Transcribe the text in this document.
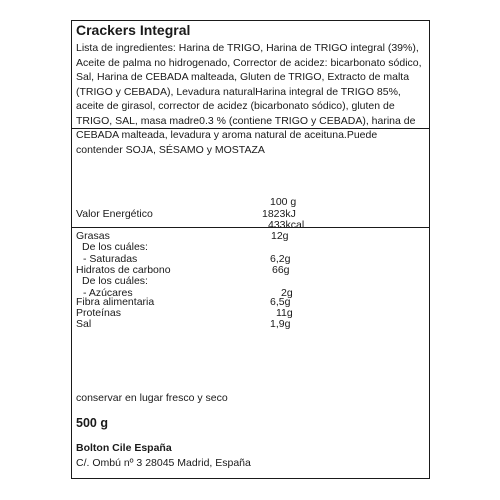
Crackers Integral
Lista de ingredientes: Harina de TRIGO, Harina de TRIGO integral (39%), Aceite de palma no hidrogenado, Corrector de acidez: bicarbonato sódico, Sal, Harina de CEBADA malteada, Gluten de TRIGO, Extracto de malta (TRIGO y CEBADA), Levadura naturalHarina integral de TRIGO 85%, aceite de girasol, corrector de acidez (bicarbonato sódico), gluten de TRIGO, SAL, masa madre0.3 % (contiene TRIGO y CEBADA), harina de CEBADA malteada, levadura y aroma natural de aceituna.Puede contender SOJA, SÉSAMO y MOSTAZA
100 g
Valor Energético	1823kJ
433kcal
Grasas	12g
De los cuáles:
- Saturadas	6,2g
Hidratos de carbono	66g
De los cuáles:
- Azúcares	2g
Fibra alimentaria	6,5g
Proteínas	11g
Sal	1,9g
conservar en lugar fresco y seco
500 g
Bolton Cile España
C/. Ombú nº 3 28045 Madrid, España
